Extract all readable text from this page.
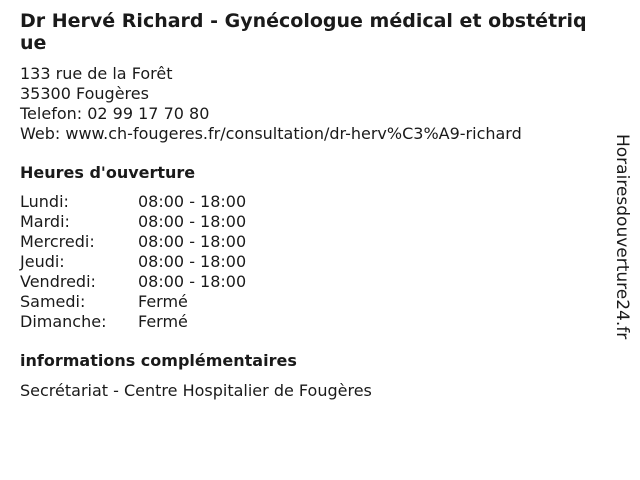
Dr Hervé Richard - Gynécologue médical et obstétrique
133 rue de la Forêt
35300 Fougères
Telefon: 02 99 17 70 80
Web: www.ch-fougeres.fr/consultation/dr-herv%C3%A9-richard
Heures d'ouverture
Lundi:	08:00 - 18:00
Mardi:	08:00 - 18:00
Mercredi:	08:00 - 18:00
Jeudi:	08:00 - 18:00
Vendredi:	08:00 - 18:00
Samedi:	Fermé
Dimanche:	Fermé
informations complémentaires
Secrétariat - Centre Hospitalier de Fougères
Horairesdouverture24.fr
